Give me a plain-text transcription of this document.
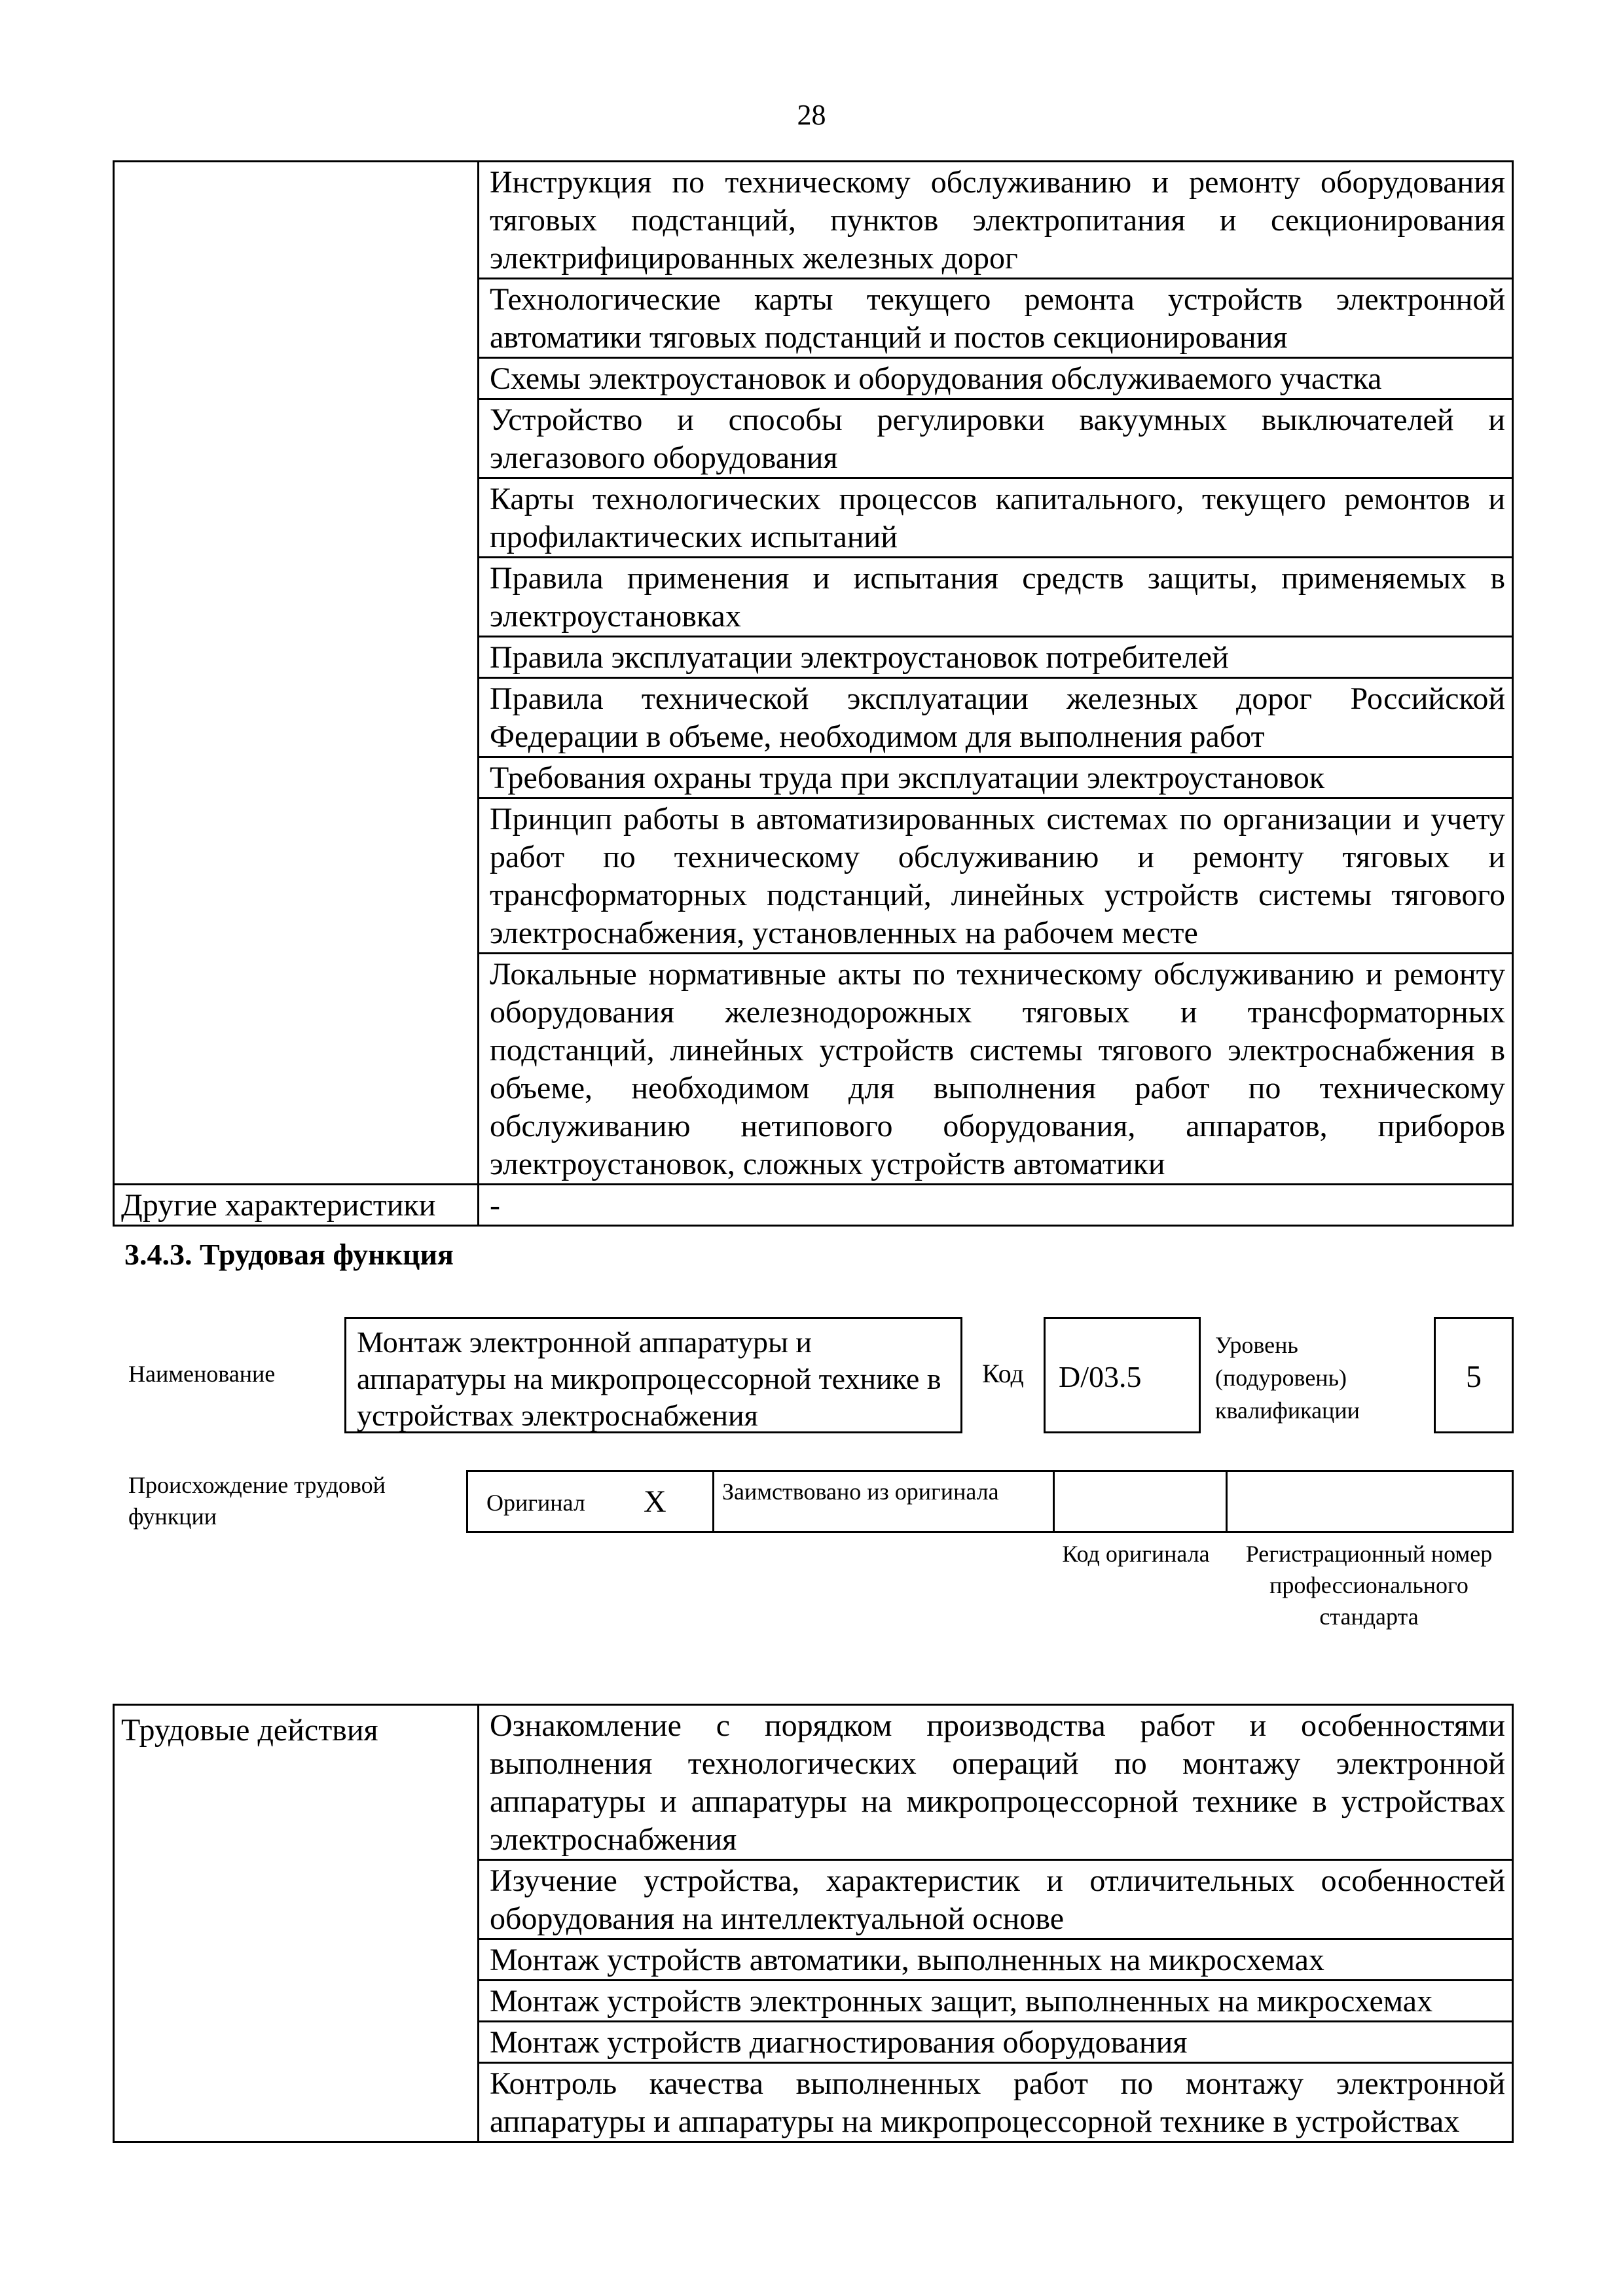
28
	Инструкция по техническому обслуживанию и ремонту оборудования тяговых подстанций, пунктов электропитания и секционирования электрифицированных железных дорог
	Технологические карты текущего ремонта устройств электронной автоматики тяговых подстанций и постов секционирования
	Схемы электроустановок и оборудования обслуживаемого участка
	Устройство и способы регулировки вакуумных выключателей и элегазового оборудования
	Карты технологических процессов капитального, текущего ремонтов и профилактических испытаний
	Правила применения и испытания средств защиты, применяемых в электроустановках
	Правила эксплуатации электроустановок потребителей
	Правила технической эксплуатации железных дорог Российской Федерации в объеме, необходимом для выполнения работ
	Требования охраны труда при эксплуатации электроустановок
	Принцип работы в автоматизированных системах по организации и учету работ по техническому обслуживанию и ремонту тяговых и трансформаторных подстанций, линейных устройств системы тягового электроснабжения, установленных на рабочем месте
	Локальные нормативные акты по техническому обслуживанию и ремонту оборудования железнодорожных тяговых и трансформаторных подстанций, линейных устройств системы тягового электроснабжения в объеме, необходимом для выполнения работ по техническому обслуживанию нетипового оборудования, аппаратов, приборов электроустановок, сложных устройств автоматики
Другие характеристики	-
3.4.3. Трудовая функция
Наименование
Монтаж электронной аппаратуры и аппаратуры на микропроцессорной технике в устройствах электроснабжения
Код	D/03.5
Уровень (подуровень) квалификации
5
Происхождение трудовой функции
Оригинал X Заимствовано из оригинала
Код оригинала	Регистрационный номер профессионального стандарта
Трудовые действия	Ознакомление с порядком производства работ и особенностями выполнения технологических операций по монтажу электронной аппаратуры и аппаратуры на микропроцессорной технике в устройствах электроснабжения
Изучение устройства, характеристик и отличительных особенностей оборудования на интеллектуальной основе
Монтаж устройств автоматики, выполненных на микросхемах
Монтаж устройств электронных защит, выполненных на микросхемах
Монтаж устройств диагностирования оборудования
Контроль качества выполненных работ по монтажу электронной аппаратуры и аппаратуры на микропроцессорной технике в устройствах
